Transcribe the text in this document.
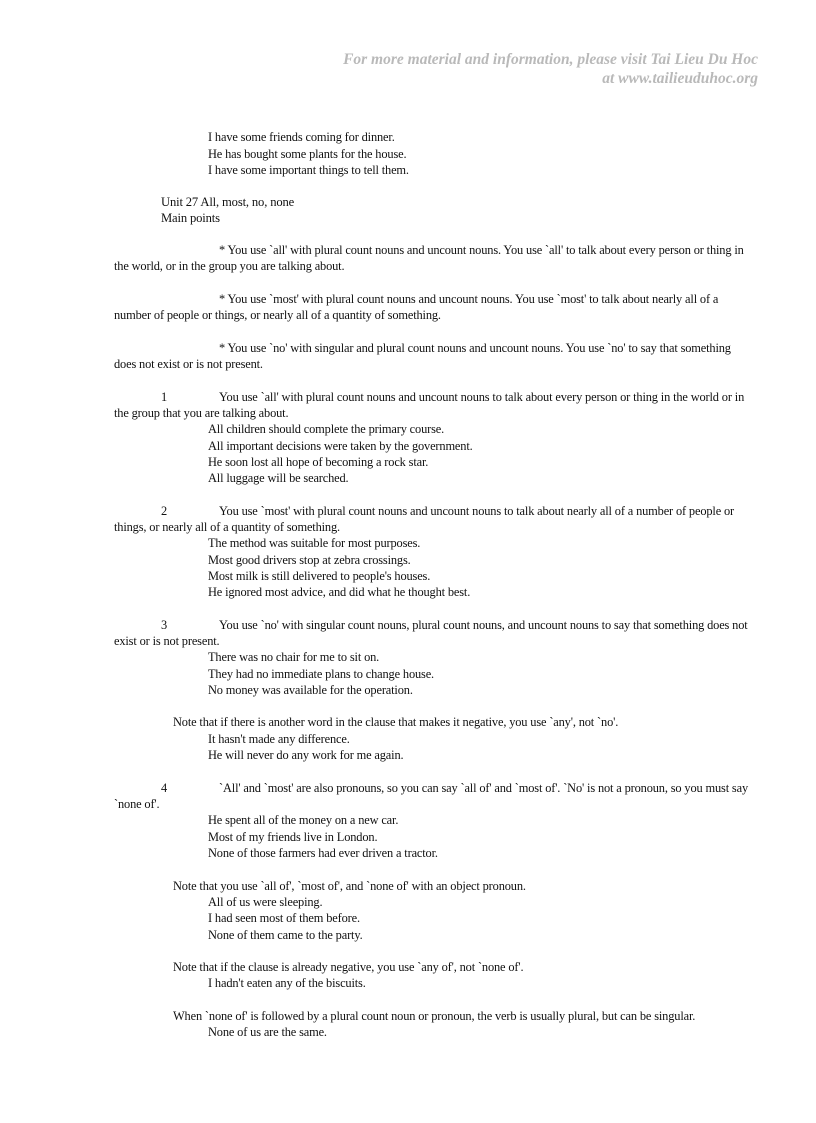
For more material and information, please visit Tai Lieu Du Hoc
at www.tailieuduhoc.org
I have some friends coming for dinner.
He has bought some plants for the house.
I have some important things to tell them.
Unit 27 All, most, no, none
Main points
* You use `all' with plural count nouns and uncount nouns. You use `all' to talk about every person or thing in
the world, or in the group you are talking about.
* You use `most' with plural count nouns and uncount nouns. You use `most' to talk about nearly all of a
number of people or things, or nearly all of a quantity of something.
* You use `no' with singular and plural count nouns and uncount nouns. You use `no' to say that something
does not exist or is not present.
1	You use `all' with plural count nouns and uncount nouns to talk about every person or thing in the world or in
the group that you are talking about.
All children should complete the primary course.
All important decisions were taken by the government.
He soon lost all hope of becoming a rock star.
All luggage will be searched.
2	You use `most' with plural count nouns and uncount nouns to talk about nearly all of a number of people or
things, or nearly all of a quantity of something.
The method was suitable for most purposes.
Most good drivers stop at zebra crossings.
Most milk is still delivered to people's houses.
He ignored most advice, and did what he thought best.
3	You use `no' with singular count nouns, plural count nouns, and uncount nouns to say that something does not
exist or is not present.
There was no chair for me to sit on.
They had no immediate plans to change house.
No money was available for the operation.
Note that if there is another word in the clause that makes it negative, you use `any', not `no'.
It hasn't made any difference.
He will never do any work for me again.
4	`All' and `most' are also pronouns, so you can say `all of' and `most of'. `No' is not a pronoun, so you must say
`none of'.
He spent all of the money on a new car.
Most of my friends live in London.
None of those farmers had ever driven a tractor.
Note that you use `all of', `most of', and `none of' with an object pronoun.
All of us were sleeping.
I had seen most of them before.
None of them came to the party.
Note that if the clause is already negative, you use `any of', not `none of'.
I hadn't eaten any of the biscuits.
When `none of' is followed by a plural count noun or pronoun, the verb is usually plural, but can be singular.
None of us are the same.
